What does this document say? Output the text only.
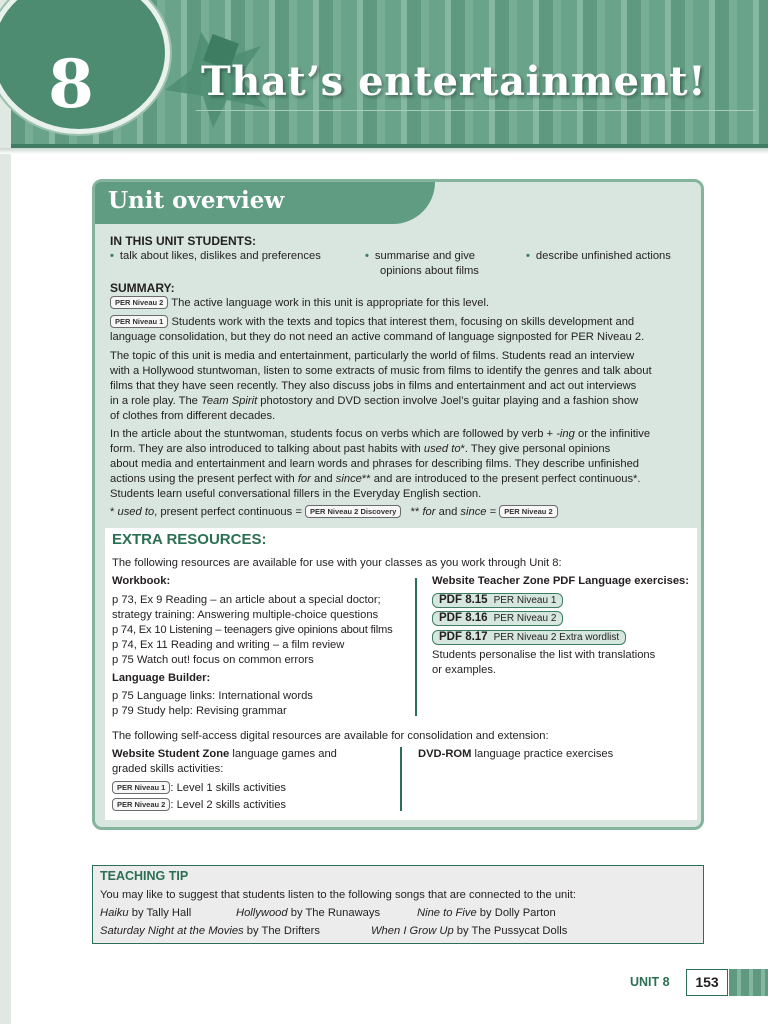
That’s entertainment!
8
Unit overview
IN THIS UNIT STUDENTS:
• talk about likes, dislikes and preferences	• summarise and give
opinions about films
• describe unfinished actions
SUMMARY:
PER Niveau 2 The active language work in this unit is appropriate for this level.
PER Niveau 1 Students work with the texts and topics that interest them, focusing on skills development and
language consolidation, but they do not need an active command of language signposted for PER Niveau 2.
The topic of this unit is media and entertainment, particularly the world of films. Students read an interview
with a Hollywood stuntwoman, listen to some extracts of music from films to identify the genres and talk about
films that they have seen recently. They also discuss jobs in films and entertainment and act out interviews
in a role play. The Team Spirit photostory and DVD section involve Joel’s guitar playing and a fashion show
of clothes from different decades.
In the article about the stuntwoman, students focus on verbs which are followed by verb + -ing or the infinitive
form. They are also introduced to talking about past habits with used to*. They give personal opinions
about media and entertainment and learn words and phrases for describing films. They describe unfinished
actions using the present perfect with for and since** and are introduced to the present perfect continuous*.
Students learn useful conversational fillers in the Everyday English section.
* used to, present perfect continuous = PER Niveau 2 Discovery ** for and since = PER Niveau 2
EXTRA RESOURCES:
The following resources are available for use with your classes as you work through Unit 8:
Workbook:
p 73, Ex 9 Reading – an article about a special doctor;
strategy training: Answering multiple-choice questions
p 74, Ex 10 Listening – teenagers give opinions about films
p 74, Ex 11 Reading and writing – a film review
p 75 Watch out! focus on common errors
Language Builder:
p 75 Language links: International words
p 79 Study help: Revising grammar
Website Teacher Zone PDF Language exercises:
PDF 8.15 PER Niveau 1
PDF 8.16 PER Niveau 2
PDF 8.17 PER Niveau 2 Extra wordlist
Students personalise the list with translations
or examples.
The following self-access digital resources are available for consolidation and extension:
Website Student Zone language games and
graded skills activities:
PER Niveau 1 : Level 1 skills activities
PER Niveau 2 : Level 2 skills activities
DVD-ROM language practice exercises
TEACHING TIP
You may like to suggest that students listen to the following songs that are connected to the unit:
Haiku by Tally Hall	Hollywood by The Runaways	Nine to Five by Dolly Parton
Saturday Night at the Movies by The Drifters	When I Grow Up by The Pussycat Dolls
UNIT 8	153
